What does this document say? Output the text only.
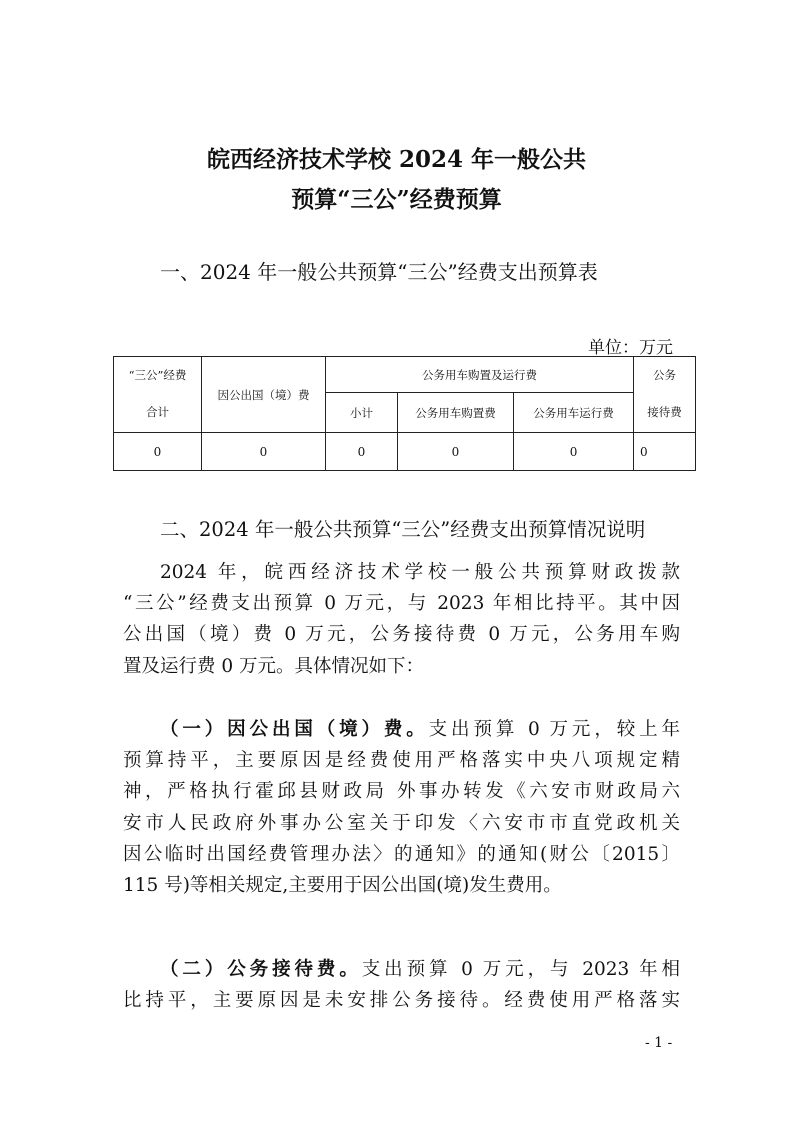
皖西经济技术学校 2024 年一般公共
预算“三公”经费预算
一、2024 年一般公共预算“三公”经费支出预算表
单位：万元
“三公”经费	因公出国（境）费	公务用车购置及运行费			公务
合计		小计	公务用车购置费	公务用车运行费	接待费
0	0	0	0	0	0

二、2024 年一般公共预算“三公”经费支出预算情况说明

2024 年，皖西经济技术学校一般公共预算财政拨款
“三公”经费支出预算 0 万元，与 2023 年相比持平。其中因
公出国（境）费 0 万元，公务接待费 0 万元，公务用车购
置及运行费 0 万元。具体情况如下：
（一）因公出国（境）费。支出预算 0 万元，较上年
预算持平，主要原因是经费使用严格落实中央八项规定精
神，严格执行霍邱县财政局 外事办转发《六安市财政局六
安市人民政府外事办公室关于印发〈六安市市直党政机关
因公临时出国经费管理办法〉的通知》的通知(财公〔2015〕
115 号)等相关规定,主要用于因公出国(境)发生费用。
（二）公务接待费。支出预算 0 万元，与 2023 年相
比持平，主要原因是未安排公务接待。经费使用严格落实
- 1 -
